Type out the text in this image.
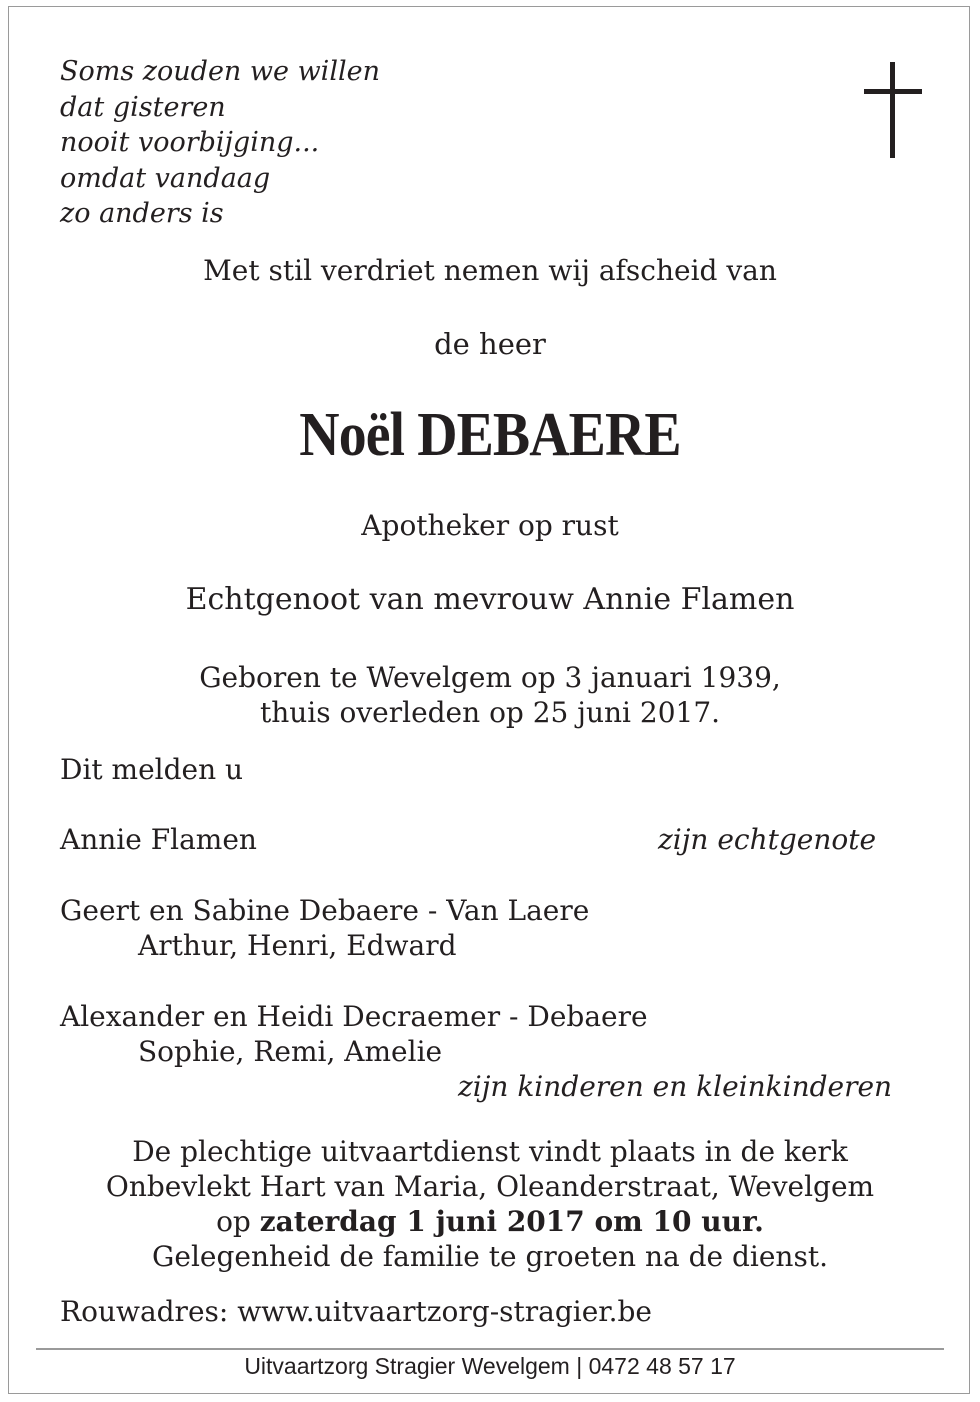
Soms zouden we willen
dat gisteren
nooit voorbijging...
omdat vandaag
zo anders is
Met stil verdriet nemen wij afscheid van
de heer
Noël DEBAERE
Apotheker op rust
Echtgenoot van mevrouw Annie Flamen
Geboren te Wevelgem op 3 januari 1939,
thuis overleden op 25 juni 2017.
Dit melden u
Annie Flamen	zijn echtgenote
Geert en Sabine Debaere - Van Laere
Arthur, Henri, Edward
Alexander en Heidi Decraemer - Debaere
Sophie, Remi, Amelie
zijn kinderen en kleinkinderen
De plechtige uitvaartdienst vindt plaats in de kerk
Onbevlekt Hart van Maria, Oleanderstraat, Wevelgem
op zaterdag 1 juni 2017 om 10 uur.
Gelegenheid de familie te groeten na de dienst.
Rouwadres: www.uitvaartzorg-stragier.be
Uitvaartzorg Stragier Wevelgem | 0472 48 57 17
